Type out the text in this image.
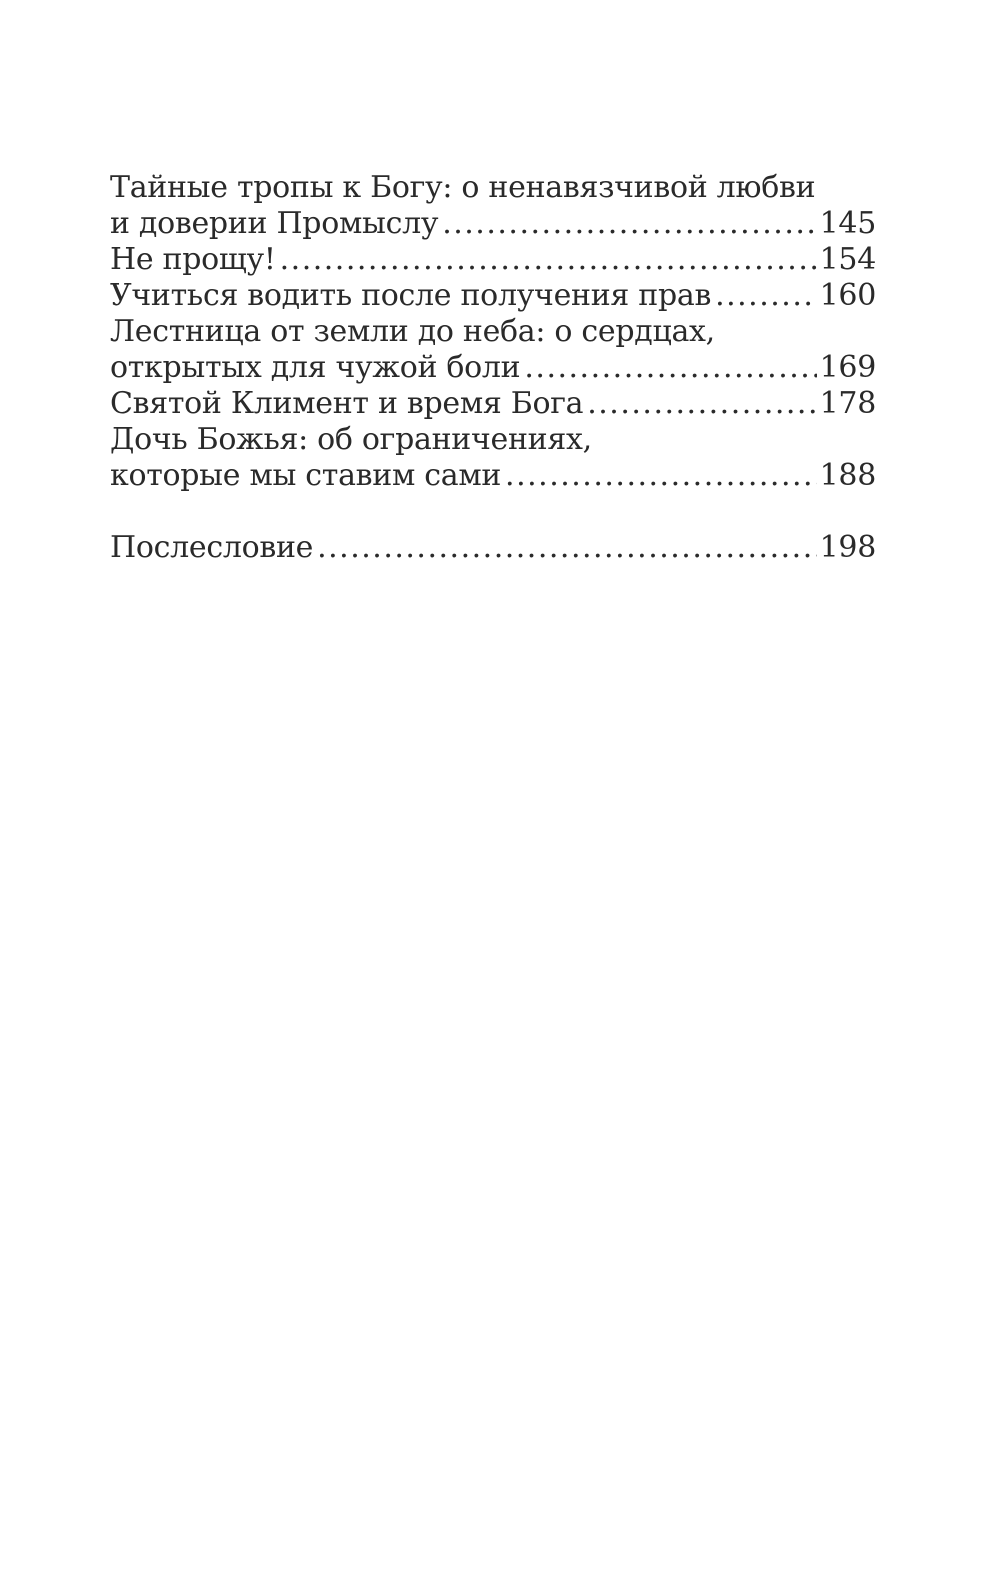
Тайные тропы к Богу: о ненавязчивой любви
и доверии Промыслу .....	145
Не прощу! .....	154
Учиться водить после получения прав .....	160
Лестница от земли до неба: о сердцах,
открытых для чужой боли .....	169
Святой Климент и время Бога .....	178
Дочь Божья: об ограничениях,
которые мы ставим сами .....	188
Послесловие .....	198
